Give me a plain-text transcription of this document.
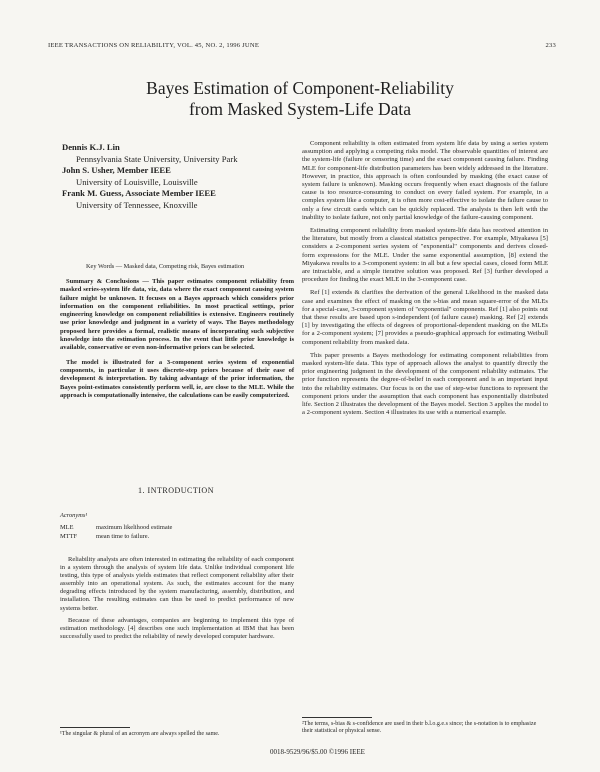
IEEE TRANSACTIONS ON RELIABILITY, VOL. 45, NO. 2, 1996 JUNE	233
Bayes Estimation of Component-Reliability
from Masked System-Life Data
Dennis K.J. Lin
Pennsylvania State University, University Park
John S. Usher, Member IEEE
University of Louisville, Louisville
Frank M. Guess, Associate Member IEEE
University of Tennessee, Knoxville
Key Words — Masked data, Competing risk, Bayes estimation

Summary & Conclusions — This paper estimates component reliability from masked series-system life data, viz, data where the exact component causing system failure might be unknown. It focuses on a Bayes approach which considers prior information on the component reliabilities. In most practical settings, prior engineering knowledge on component reliabilities is extensive. Engineers routinely use prior knowledge and judgment in a variety of ways. The Bayes methodology proposed here provides a formal, realistic means of incorporating such subjective knowledge into the estimation process. In the event that little prior knowledge is available, conservative or even non-informative priors can be selected.

The model is illustrated for a 3-component series system of exponential components, in particular it uses discrete-step priors because of their ease of development & interpretation. By taking advantage of the prior information, the Bayes point-estimates consistently perform well, ie, are close to the MLE. While the approach is computationally intensive, the calculations can be easily computerized.

1. INTRODUCTION
Acronyms¹
MLE	maximum likelihood estimate
MTTF	mean time to failure.

Reliability analysts are often interested in estimating the reliability of each component in a system through the analysis of system life data. Unlike individual component life testing, this type of analysis yields estimates that reflect component reliability after their assembly into an operational system. As such, the estimates account for the many degrading effects introduced by the system manufacturing, assembly, distribution, and installation. The resulting estimates can thus be used to predict performance of new systems better.

Because of these advantages, companies are beginning to implement this type of estimation methodology. [4] describes one such implementation at IBM that has been successfully used to predict the reliability of newly developed computer hardware.

¹The singular & plural of an acronym are always spelled the same.

Component reliability is often estimated from system life data by using a series system assumption and applying a competing risks model. The observable quantities of interest are the system-life (failure or censoring time) and the exact component causing failure. Finding MLE for component-life distribution parameters has been widely addressed in the literature. However, in practice, this approach is often confounded by masking (the exact cause of system failure is unknown). Masking occurs frequently when exact diagnosis of the failure cause is too resource-consuming to conduct on every failed system. For example, in a complex system like a computer, it is often more cost-effective to isolate the failure cause to only a few circuit cards which can be quickly replaced. The analysis is then left with the inability to isolate failure, not only partial knowledge of the failure-causing component.

Estimating component reliability from masked system-life data has received attention in the literature, but mostly from a classical statistics perspective. For example, Miyakawa [5] considers a 2-component series system of "exponential" components and derives closed-form expressions for the MLE. Under the same exponential assumption, [8] extend the Miyakawa results to a 3-component system: in all but a few special cases, closed form MLE are intractable, and a simple iterative solution was proposed. Ref [3] further developed a procedure for finding the exact MLE in the 3-component case.

Ref [1] extends & clarifies the derivation of the general Likelihood in the masked data case and examines the effect of masking on the s-bias and mean square-error of the MLEs for a special-case, 3-component system of "exponential" components. Ref [1] also points out that these results are based upon s-independent (of failure cause) masking. Ref [2] extends [1] by investigating the effects of degrees of proportional-dependent masking on the MLEs for a 2-component system; [7] provides a pseudo-graphical approach for estimating Weibull component reliability from masked data.

This paper presents a Bayes methodology for estimating component reliabilities from masked system-life data. This type of approach allows the analyst to quantify directly the prior engineering judgment in the development of the component reliability estimates. The prior function represents the degree-of-belief in each component and is an important input into the reliability estimates. Our focus is on the use of step-wise functions to represent the component priors under the assumption that each component has exponentially distributed life. Section 2 illustrates the development of the Bayes model. Section 3 applies the model to a 2-component system. Section 4 illustrates its use with a numerical example.

²The terms, s-bias & s-confidence are used in their b.l.o.g.e.s since; the s-notation is to emphasize their statistical or physical sense.
0018-9529/96/$5.00 ©1996 IEEE
